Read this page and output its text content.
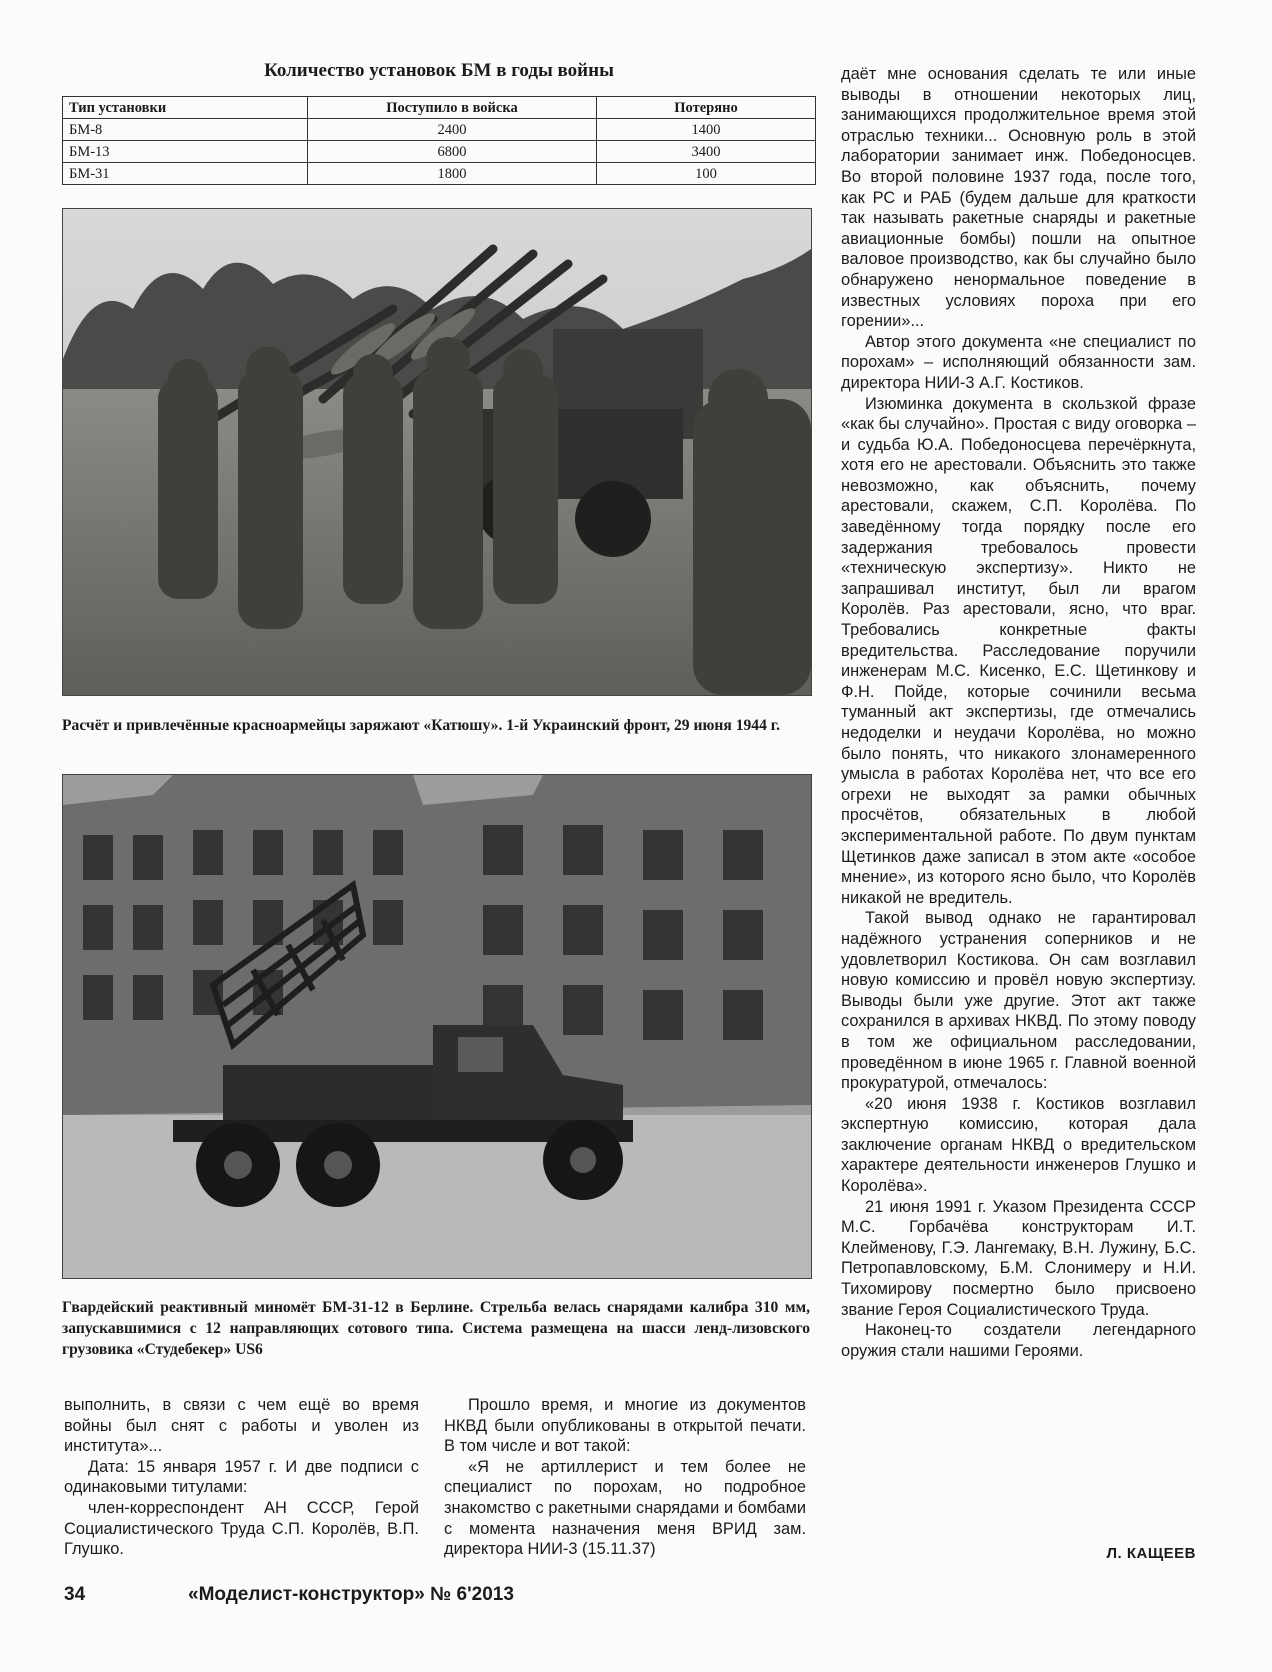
Количество установок БМ в годы войны
Тип установки	Поступило в войска	Потеряно
БМ-8	2400	1400
БМ-13	6800	3400
БМ-31	1800	100
Расчёт и привлечённые красноармейцы заряжают «Катюшу». 1-й Украинский фронт, 29 июня 1944 г.
Гвардейский реактивный миномёт БМ-31-12 в Берлине. Стрельба велась снарядами калибра 310 мм, запускавшимися с 12 направляющих сотового типа. Система размещена на шасси ленд-лизовского грузовика «Студебекер» US6

выполнить, в связи с чем ещё во время войны был снят с работы и уволен из института»...

Дата: 15 января 1957 г. И две подписи с одинаковыми титулами:

член-корреспондент АН СССР, Герой Социалистического Труда С.П. Королёв, В.П. Глушко.

Прошло время, и многие из документов НКВД были опубликованы в открытой печати. В том числе и вот такой:

«Я не артиллерист и тем более не специалист по порохам, но подробное знакомство с ракетными снарядами и бомбами с момента назначения меня ВРИД зам. директора НИИ-3 (15.11.37)

даёт мне основания сделать те или иные выводы в отношении некоторых лиц, занимающихся продолжительное время этой отраслью техники... Основную роль в этой лаборатории занимает инж. Победоносцев. Во второй половине 1937 года, после того, как РС и РАБ (будем дальше для краткости так называть ракетные снаряды и ракетные авиационные бомбы) пошли на опытное валовое производство, как бы случайно было обнаружено ненормальное поведение в известных условиях пороха при его горении»...

Автор этого документа «не специалист по порохам» – исполняющий обязанности зам. директора НИИ-3 А.Г. Костиков.

Изюминка документа в скользкой фразе «как бы случайно». Простая с виду оговорка – и судьба Ю.А. Победоносцева перечёркнута, хотя его не арестовали. Объяснить это также невозможно, как объяснить, почему арестовали, скажем, С.П. Королёва. По заведённому тогда порядку после его задержания требовалось провести «техническую экспертизу». Никто не запрашивал институт, был ли врагом Королёв. Раз арестовали, ясно, что враг. Требовались конкретные факты вредительства. Расследование поручили инженерам М.С. Кисенко, Е.С. Щетинкову и Ф.Н. Пойде, которые сочинили весьма туманный акт экспертизы, где отмечались недоделки и неудачи Королёва, но можно было понять, что никакого злонамеренного умысла в работах Королёва нет, что все его огрехи не выходят за рамки обычных просчётов, обязательных в любой экспериментальной работе. По двум пунктам Щетинков даже записал в этом акте «особое мнение», из которого ясно было, что Королёв никакой не вредитель.

Такой вывод однако не гарантировал надёжного устранения соперников и не удовлетворил Костикова. Он сам возглавил новую комиссию и провёл новую экспертизу. Выводы были уже другие. Этот акт также сохранился в архивах НКВД. По этому поводу в том же официальном расследовании, проведённом в июне 1965 г. Главной военной прокуратурой, отмечалось:

«20 июня 1938 г. Костиков возглавил экспертную комиссию, которая дала заключение органам НКВД о вредительском характере деятельности инженеров Глушко и Королёва».

21 июня 1991 г. Указом Президента СССР М.С. Горбачёва конструкторам И.Т. Клейменову, Г.Э. Лангемаку, В.Н. Лужину, Б.С. Петропавловскому, Б.М. Слонимеру и Н.И. Тихомирову посмертно было присвоено звание Героя Социалистического Труда.

Наконец-то создатели легендарного оружия стали нашими Героями.

Л. КАЩЕЕВ
34	«Моделист-конструктор» № 6'2013
